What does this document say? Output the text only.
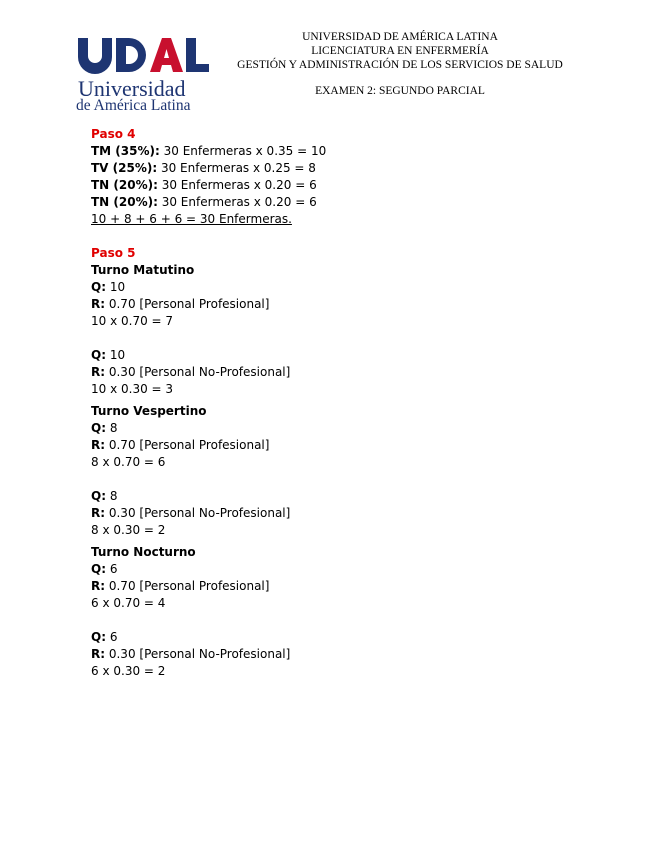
Universidad
de América Latina
UNIVERSIDAD DE AMÉRICA LATINA
LICENCIATURA EN ENFERMERÍA
GESTIÓN Y ADMINISTRACIÓN DE LOS SERVICIOS DE SALUD
EXAMEN 2: SEGUNDO PARCIAL
Paso 4
TM (35%): 30 Enfermeras x 0.35 = 10
TV (25%): 30 Enfermeras x 0.25 = 8
TN (20%): 30 Enfermeras x 0.20 = 6
TN (20%): 30 Enfermeras x 0.20 = 6
10 + 8 + 6 + 6 = 30 Enfermeras.
Paso 5
Turno Matutino
Q: 10
R: 0.70 [Personal Profesional]
10 x 0.70 = 7
Q: 10
R: 0.30 [Personal No-Profesional]
10 x 0.30 = 3
Turno Vespertino
Q: 8
R: 0.70 [Personal Profesional]
8 x 0.70 = 6
Q: 8
R: 0.30 [Personal No-Profesional]
8 x 0.30 = 2
Turno Nocturno
Q: 6
R: 0.70 [Personal Profesional]
6 x 0.70 = 4
Q: 6
R: 0.30 [Personal No-Profesional]
6 x 0.30 = 2
